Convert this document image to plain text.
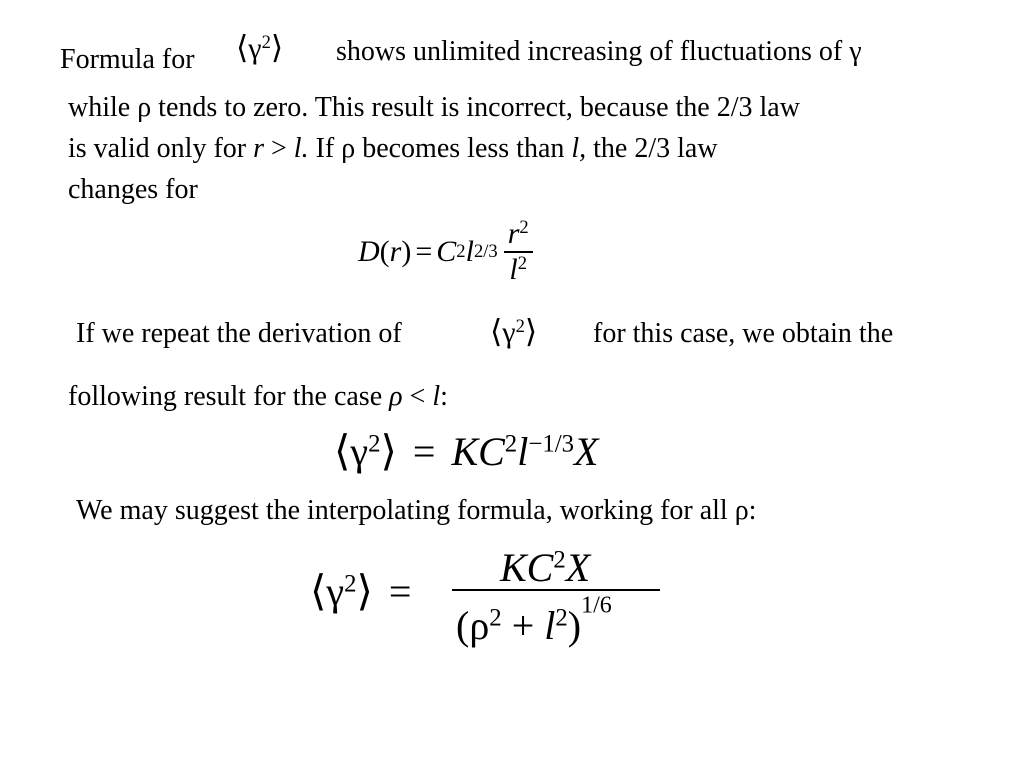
Formula for $⟨\gamma^2⟩$ shows unlimited increasing of fluctuations of γ
while ρ tends to zero. This result is incorrect, because the 2/3 law
is valid only for r > l. If ρ becomes less than l, the 2/3 law
changes for
D ( r ) = C 2 l $2/3 \frac{r^2}{l^2}$
If we repeat the derivation of	$⟨\gamma^2⟩$ for this case, we obtain the
following result for the case ρ < l:
$⟨\gamma^2⟩ = KC^2l^{-1/3}X$
We may suggest the interpolating formula, working for all ρ:
$⟨\gamma^2⟩$ =
$KC^2X$
$(\rho^2 + l^2)^{1/6}$
